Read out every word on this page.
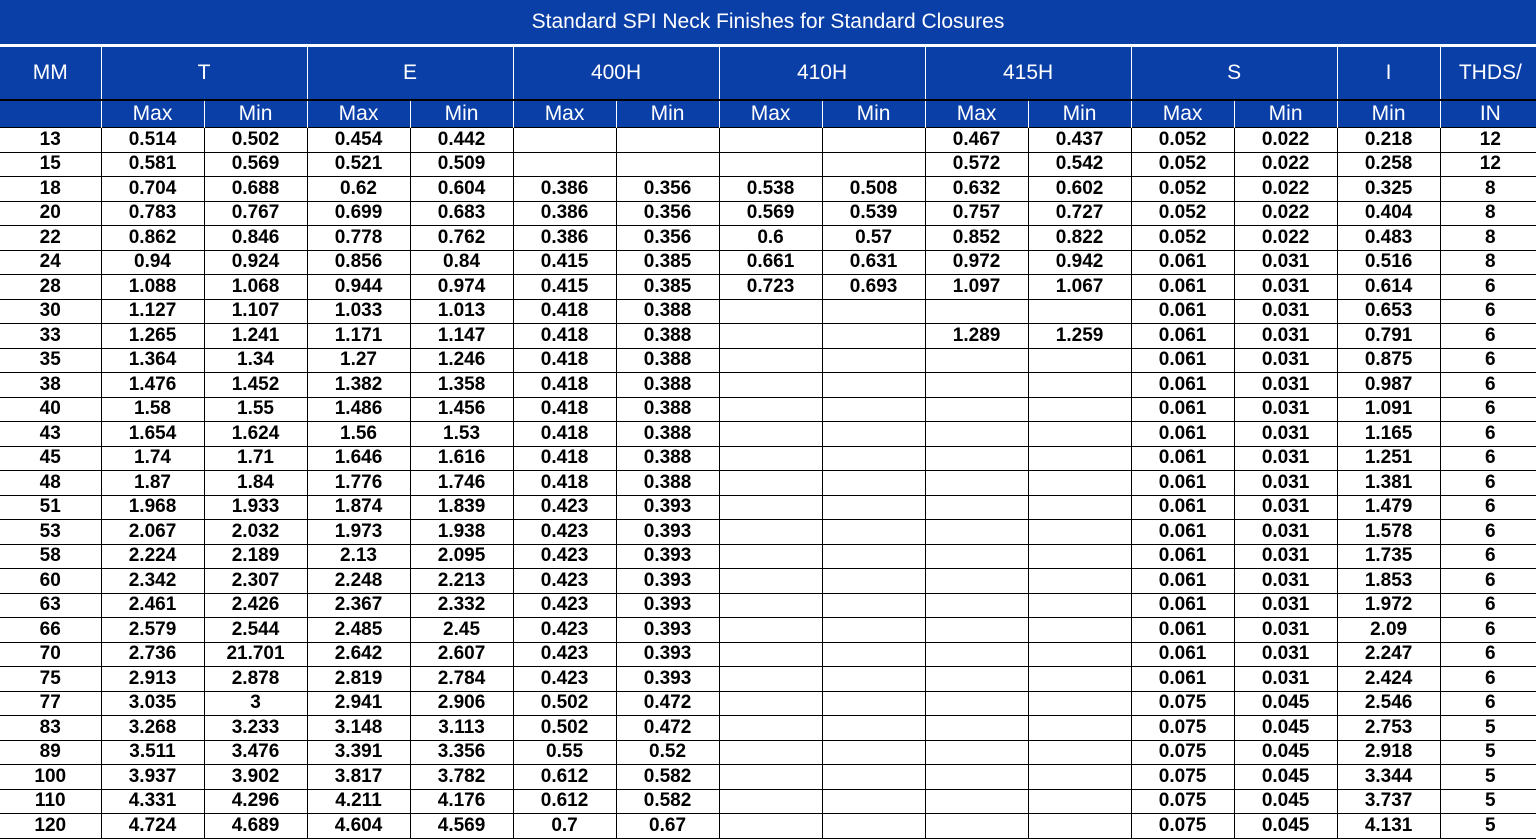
Standard SPI Neck Finishes for Standard Closures
MM	T		E		400H		410H		415H		S		I	THDS/
	Max	Min	Max	Min	Max	Min	Max	Min	Max	Min	Max	Min	Min	IN
13	0.514	0.502	0.454	0.442					0.467	0.437	0.052	0.022	0.218	12
15	0.581	0.569	0.521	0.509					0.572	0.542	0.052	0.022	0.258	12
18	0.704	0.688	0.62	0.604	0.386	0.356	0.538	0.508	0.632	0.602	0.052	0.022	0.325	8
20	0.783	0.767	0.699	0.683	0.386	0.356	0.569	0.539	0.757	0.727	0.052	0.022	0.404	8
22	0.862	0.846	0.778	0.762	0.386	0.356	0.6	0.57	0.852	0.822	0.052	0.022	0.483	8
24	0.94	0.924	0.856	0.84	0.415	0.385	0.661	0.631	0.972	0.942	0.061	0.031	0.516	8
28	1.088	1.068	0.944	0.974	0.415	0.385	0.723	0.693	1.097	1.067	0.061	0.031	0.614	6
30	1.127	1.107	1.033	1.013	0.418	0.388					0.061	0.031	0.653	6
33	1.265	1.241	1.171	1.147	0.418	0.388			1.289	1.259	0.061	0.031	0.791	6
35	1.364	1.34	1.27	1.246	0.418	0.388					0.061	0.031	0.875	6
38	1.476	1.452	1.382	1.358	0.418	0.388					0.061	0.031	0.987	6
40	1.58	1.55	1.486	1.456	0.418	0.388					0.061	0.031	1.091	6
43	1.654	1.624	1.56	1.53	0.418	0.388					0.061	0.031	1.165	6
45	1.74	1.71	1.646	1.616	0.418	0.388					0.061	0.031	1.251	6
48	1.87	1.84	1.776	1.746	0.418	0.388					0.061	0.031	1.381	6
51	1.968	1.933	1.874	1.839	0.423	0.393					0.061	0.031	1.479	6
53	2.067	2.032	1.973	1.938	0.423	0.393					0.061	0.031	1.578	6
58	2.224	2.189	2.13	2.095	0.423	0.393					0.061	0.031	1.735	6
60	2.342	2.307	2.248	2.213	0.423	0.393					0.061	0.031	1.853	6
63	2.461	2.426	2.367	2.332	0.423	0.393					0.061	0.031	1.972	6
66	2.579	2.544	2.485	2.45	0.423	0.393					0.061	0.031	2.09	6
70	2.736	21.701	2.642	2.607	0.423	0.393					0.061	0.031	2.247	6
75	2.913	2.878	2.819	2.784	0.423	0.393					0.061	0.031	2.424	6
77	3.035	3	2.941	2.906	0.502	0.472					0.075	0.045	2.546	6
83	3.268	3.233	3.148	3.113	0.502	0.472					0.075	0.045	2.753	5
89	3.511	3.476	3.391	3.356	0.55	0.52					0.075	0.045	2.918	5
100	3.937	3.902	3.817	3.782	0.612	0.582					0.075	0.045	3.344	5
110	4.331	4.296	4.211	4.176	0.612	0.582					0.075	0.045	3.737	5
120	4.724	4.689	4.604	4.569	0.7	0.67					0.075	0.045	4.131	5
